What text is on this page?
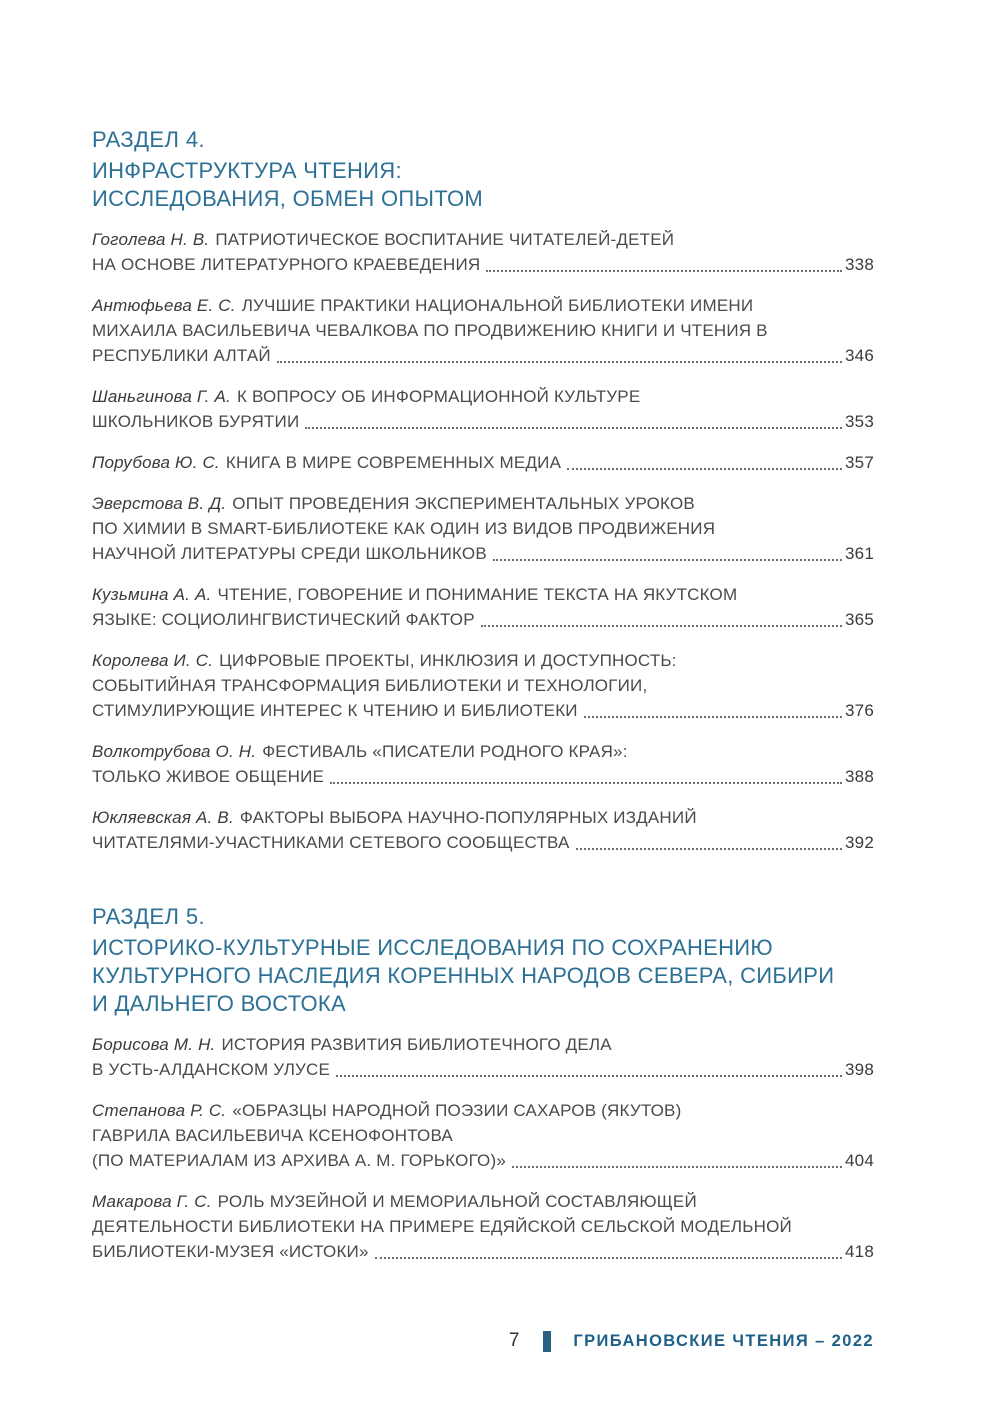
РАЗДЕЛ 4.
ИНФРАСТРУКТУРА ЧТЕНИЯ:
ИССЛЕДОВАНИЯ, ОБМЕН ОПЫТОМ
Гоголева Н. В. ПАТРИОТИЧЕСКОЕ ВОСПИТАНИЕ ЧИТАТЕЛЕЙ-ДЕТЕЙ
НА ОСНОВЕ ЛИТЕРАТУРНОГО КРАЕВЕДЕНИЯ	338
Антюфьева Е. С. ЛУЧШИЕ ПРАКТИКИ НАЦИОНАЛЬНОЙ БИБЛИОТЕКИ ИМЕНИ
МИХАИЛА ВАСИЛЬЕВИЧА ЧЕВАЛКОВА ПО ПРОДВИЖЕНИЮ КНИГИ И ЧТЕНИЯ В
РЕСПУБЛИКИ АЛТАЙ	346
Шаньгинова Г. А. К ВОПРОСУ ОБ ИНФОРМАЦИОННОЙ КУЛЬТУРЕ
ШКОЛЬНИКОВ БУРЯТИИ	353
Порубова Ю. С. КНИГА В МИРЕ СОВРЕМЕННЫХ МЕДИА	357
Эверстова В. Д. ОПЫТ ПРОВЕДЕНИЯ ЭКСПЕРИМЕНТАЛЬНЫХ УРОКОВ
ПО ХИМИИ В SMART-БИБЛИОТЕКЕ КАК ОДИН ИЗ ВИДОВ ПРОДВИЖЕНИЯ
НАУЧНОЙ ЛИТЕРАТУРЫ СРЕДИ ШКОЛЬНИКОВ	361
Кузьмина А. А. ЧТЕНИЕ, ГОВОРЕНИЕ И ПОНИМАНИЕ ТЕКСТА НА ЯКУТСКОМ
ЯЗЫКЕ: СОЦИОЛИНГВИСТИЧЕСКИЙ ФАКТОР	365
Королева И. С. ЦИФРОВЫЕ ПРОЕКТЫ, ИНКЛЮЗИЯ И ДОСТУПНОСТЬ:
СОБЫТИЙНАЯ ТРАНСФОРМАЦИЯ БИБЛИОТЕКИ И ТЕХНОЛОГИИ,
СТИМУЛИРУЮЩИЕ ИНТЕРЕС К ЧТЕНИЮ И БИБЛИОТЕКИ	376
Волкотрубова О. Н. ФЕСТИВАЛЬ «ПИСАТЕЛИ РОДНОГО КРАЯ»:
ТОЛЬКО ЖИВОЕ ОБЩЕНИЕ	388
Юкляевская А. В. ФАКТОРЫ ВЫБОРА НАУЧНО-ПОПУЛЯРНЫХ ИЗДАНИЙ
ЧИТАТЕЛЯМИ-УЧАСТНИКАМИ СЕТЕВОГО СООБЩЕСТВА	392
РАЗДЕЛ 5.
ИСТОРИКО-КУЛЬТУРНЫЕ ИССЛЕДОВАНИЯ ПО СОХРАНЕНИЮ
КУЛЬТУРНОГО НАСЛЕДИЯ КОРЕННЫХ НАРОДОВ СЕВЕРА, СИБИРИ
И ДАЛЬНЕГО ВОСТОКА
Борисова М. Н. ИСТОРИЯ РАЗВИТИЯ БИБЛИОТЕЧНОГО ДЕЛА
В УСТЬ-АЛДАНСКОМ УЛУСЕ	398
Степанова Р. С. «ОБРАЗЦЫ НАРОДНОЙ ПОЭЗИИ САХАРОВ (ЯКУТОВ)
ГАВРИЛА ВАСИЛЬЕВИЧА КСЕНОФОНТОВА
(ПО МАТЕРИАЛАМ ИЗ АРХИВА А. М. ГОРЬКОГО)»	404
Макарова Г. С. РОЛЬ МУЗЕЙНОЙ И МЕМОРИАЛЬНОЙ СОСТАВЛЯЮЩЕЙ
ДЕЯТЕЛЬНОСТИ БИБЛИОТЕКИ НА ПРИМЕРЕ ЕДЯЙСКОЙ СЕЛЬСКОЙ МОДЕЛЬНОЙ
БИБЛИОТЕКИ-МУЗЕЯ «ИСТОКИ»	418
7	ГРИБАНОВСКИЕ ЧТЕНИЯ – 2022
